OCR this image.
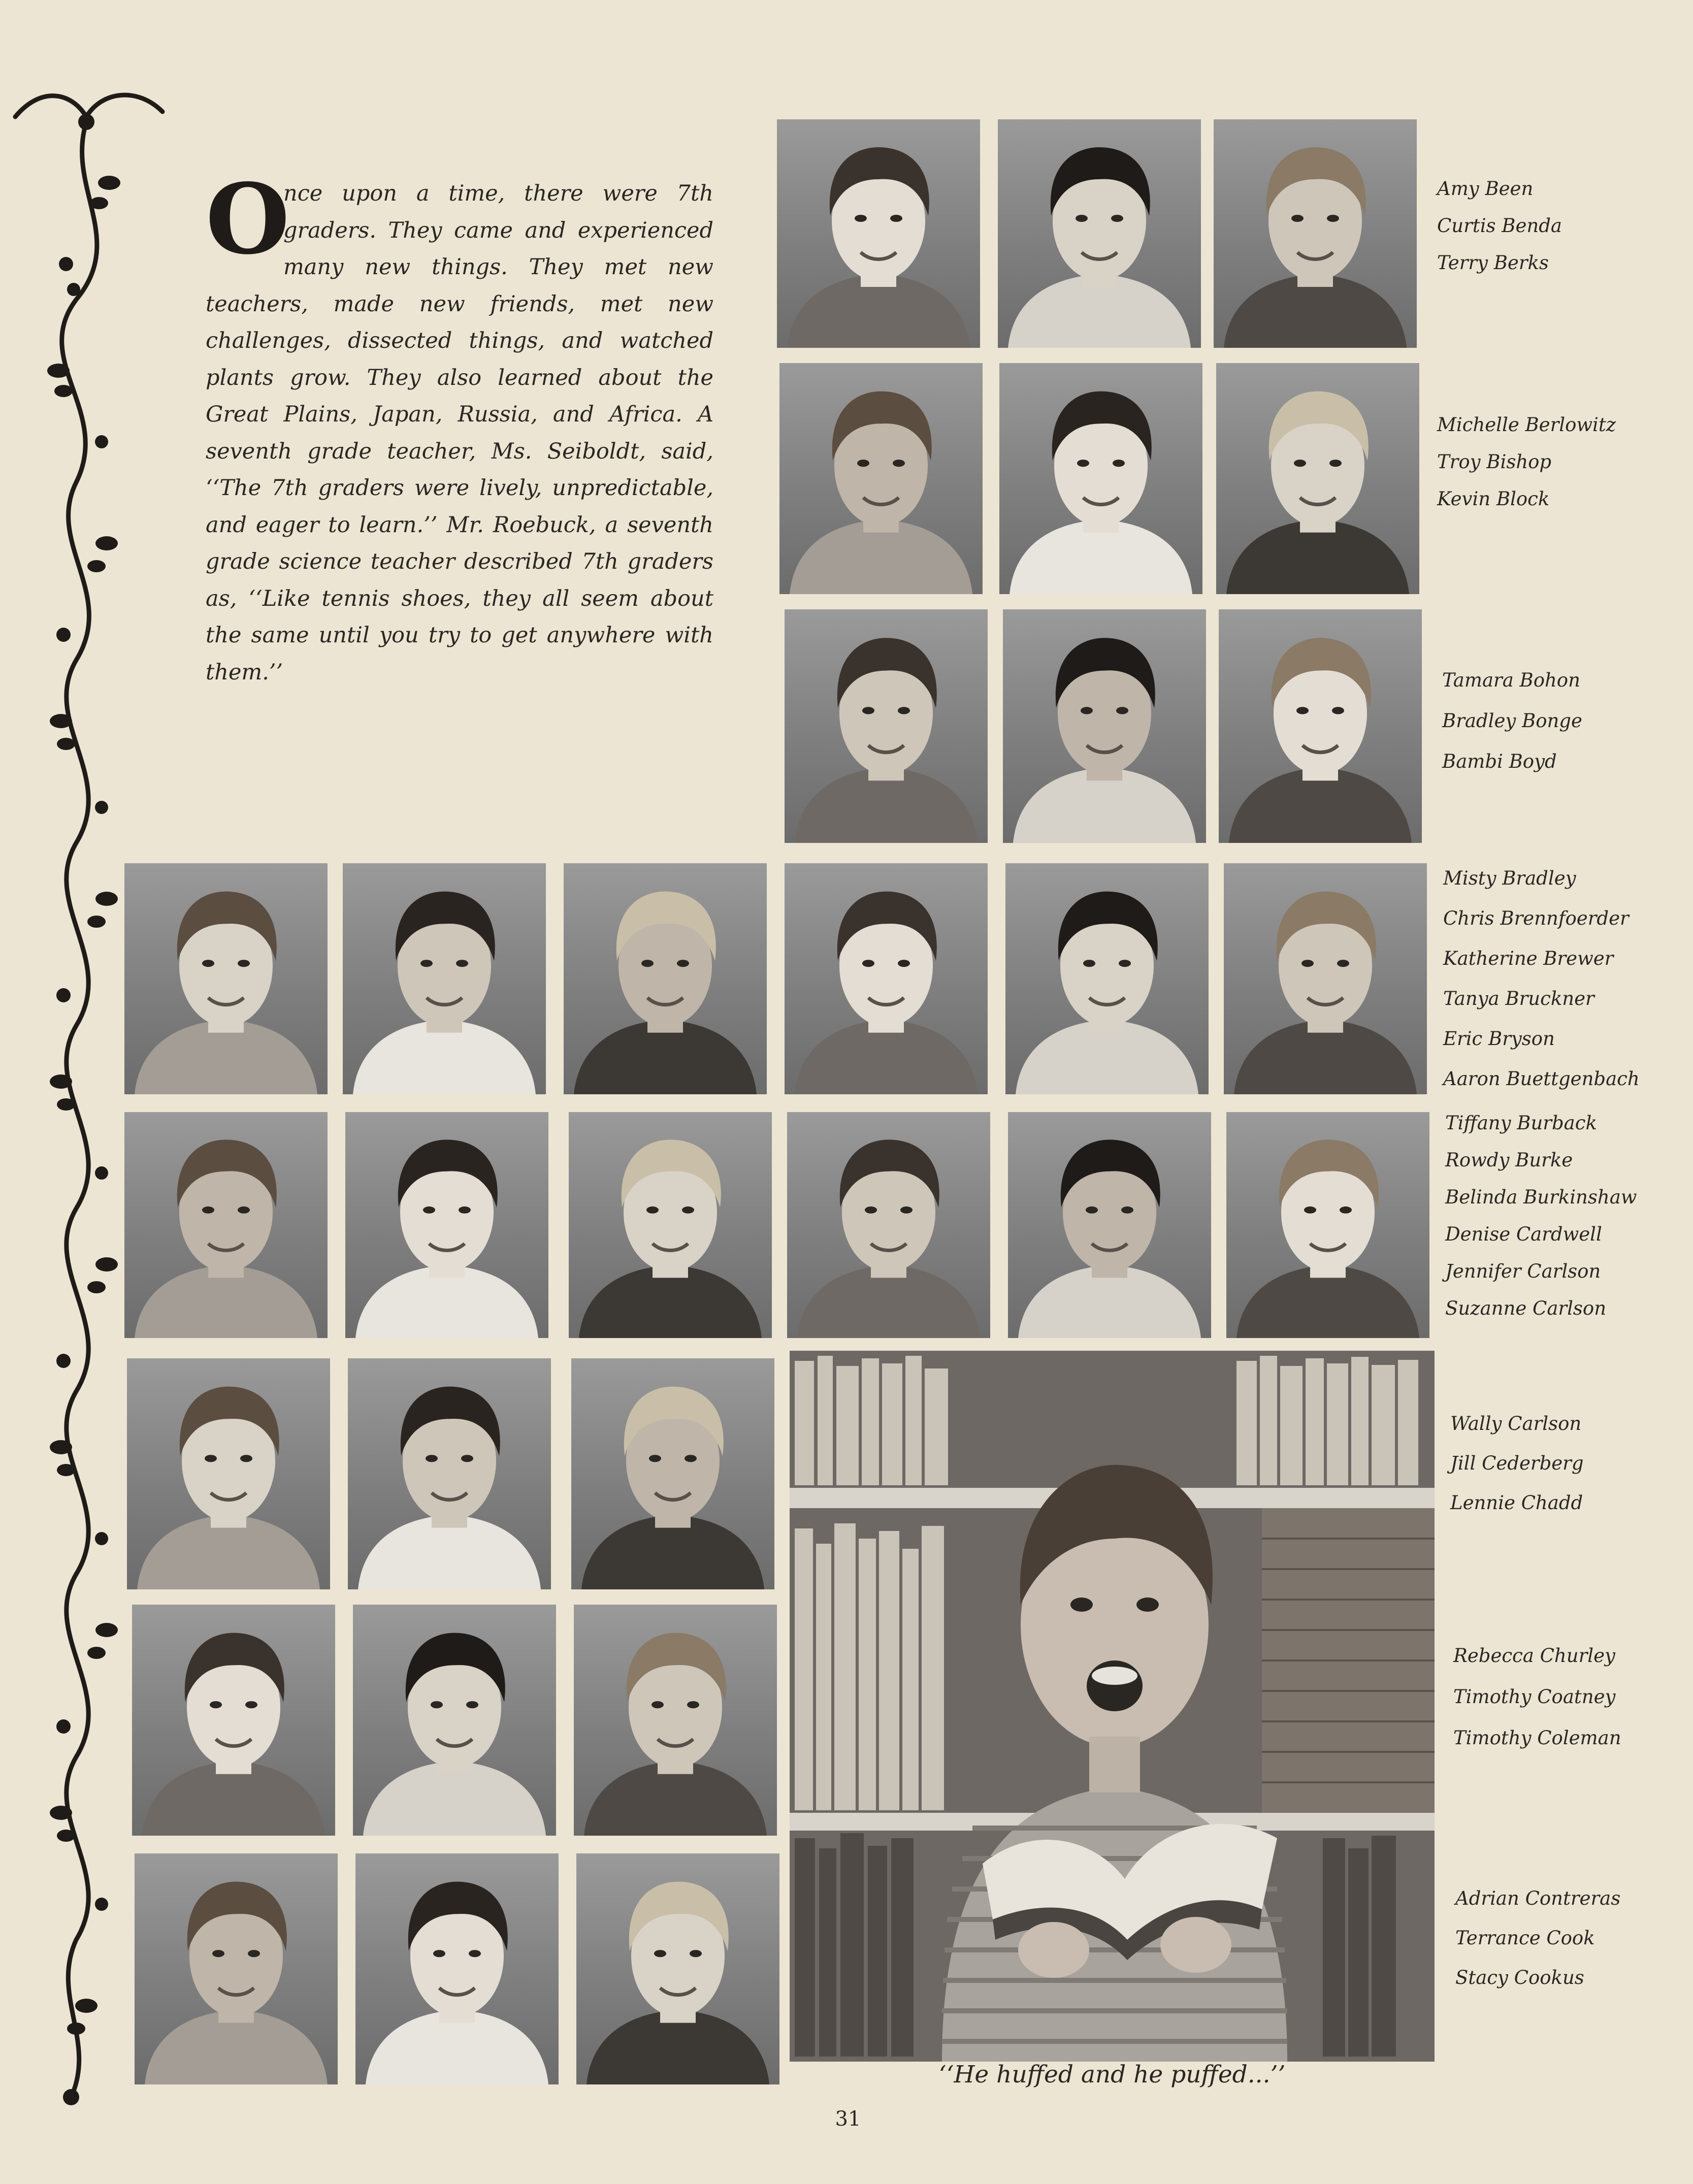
O
nce upon a time, there were 7th graders. They came and experienced many new things. They met new teachers, made new friends, met new challenges, dissected things, and watched plants grow. They also learned about the Great Plains, Japan, Russia, and Africa. A seventh grade teacher, Ms. Seiboldt, said, ‘‘The 7th graders were lively, unpredictable, and eager to learn.’’ Mr. Roebuck, a seventh grade science teacher described 7th graders as, ‘‘Like tennis shoes, they all seem about the same until you try to get anywhere with them.’’
Amy Been
Curtis Benda
Terry Berks
Michelle Berlowitz
Troy Bishop
Kevin Block
Tamara Bohon
Bradley Bonge
Bambi Boyd
Misty Bradley
Chris Brennfoerder
Katherine Brewer
Tanya Bruckner
Eric Bryson
Aaron Buettgenbach
Tiffany Burback
Rowdy Burke
Belinda Burkinshaw
Denise Cardwell
Jennifer Carlson
Suzanne Carlson
Wally Carlson
Jill Cederberg
Lennie Chadd
Rebecca Churley
Timothy Coatney
Timothy Coleman
Adrian Contreras
Terrance Cook
Stacy Cookus
‘‘He huffed and he puffed...’’
31
